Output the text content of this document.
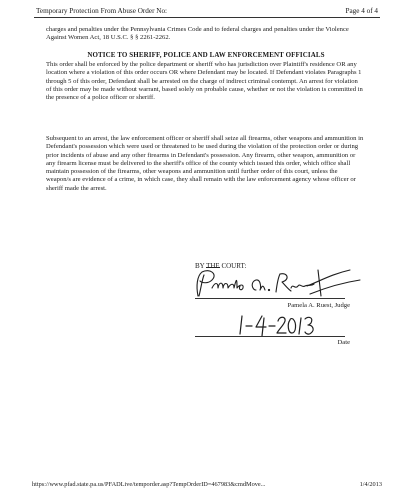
Temporary Protection From Abuse Order No:	Page 4 of 4

charges and penalties under the Pennsylvania Crimes Code and to federal charges and penalties under the Violence Against Women Act, 18 U.S.C. § § 2261-2262.

NOTICE TO SHERIFF, POLICE AND LAW ENFORCEMENT OFFICIALS

This order shall be enforced by the police department or sheriff who has jurisdiction over Plaintiff's residence OR any location where a violation of this order occurs OR where Defendant may be located. If Defendant violates Paragraphs 1 through 5 of this order, Defendant shall be arrested on the charge of indirect criminal contempt. An arrest for violation of this order may be made without warrant, based solely on probable cause, whether or not the violation is committed in the presence of a police officer or sheriff.

Subsequent to an arrest, the law enforcement officer or sheriff shall seize all firearms, other weapons and ammunition in Defendant's possession which were used or threatened to be used during the violation of the protection order or during prior incidents of abuse and any other firearms in Defendant's possession. Any firearm, other weapon, ammunition or any firearm license must be delivered to the sheriff's office of the county which issued this order, which office shall maintain possession of the firearms, other weapons and ammunition until further order of this court, unless the weapon/s are evidence of a crime, in which case, they shall remain with the law enforcement agency whose officer or sheriff made the arrest.

BY THE COURT:
Pamela A. Ruest, Judge
Date
https://www.pfad.state.pa.us/PFADLive/temporder.asp?TempOrderID=467983&cmdMove...	1/4/2013
